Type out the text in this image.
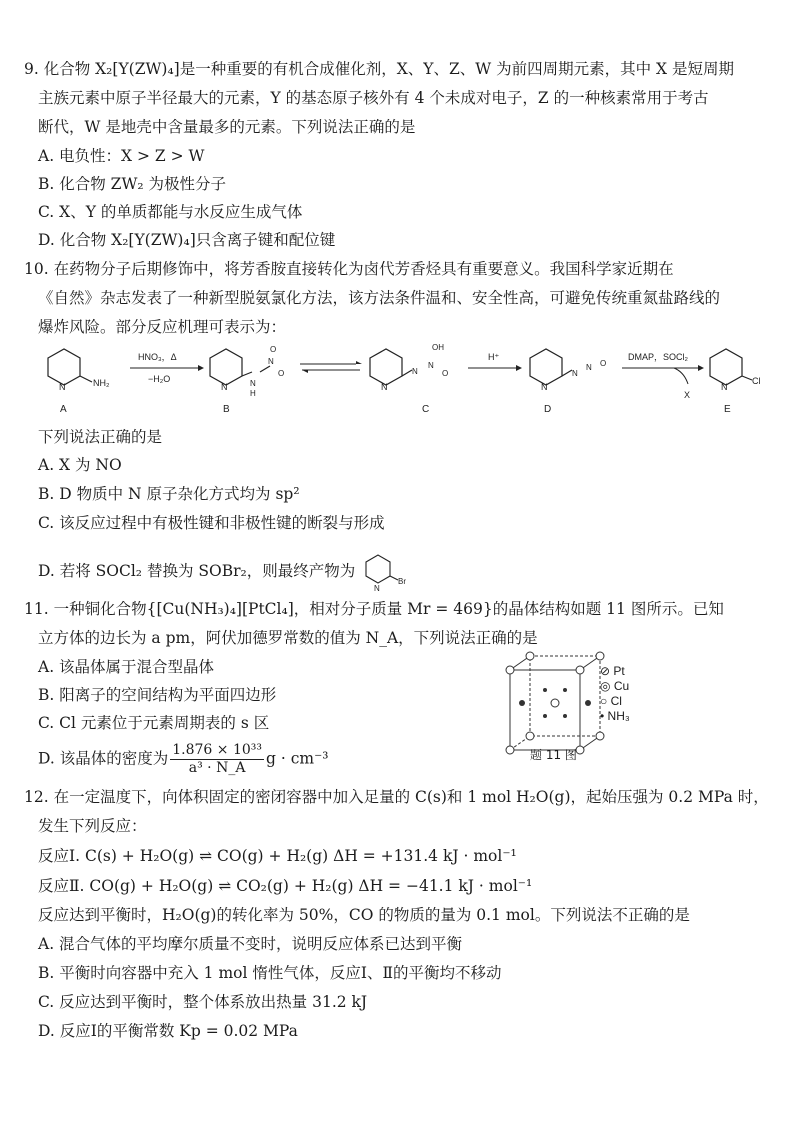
9. 化合物 X₂[Y(ZW)₄]是一种重要的有机合成催化剂，X、Y、Z、W 为前四周期元素，其中 X 是短周期
主族元素中原子半径最大的元素，Y 的基态原子核外有 4 个未成对电子，Z 的一种核素常用于考古
断代，W 是地壳中含量最多的元素。下列说法正确的是
A. 电负性：X > Z > W
B. 化合物 ZW₂ 为极性分子
C. X、Y 的单质都能与水反应生成气体
D. 化合物 X₂[Y(ZW)₄]只含离子键和配位键
10. 在药物分子后期修饰中，将芳香胺直接转化为卤代芳香烃具有重要意义。我国科学家近期在
《自然》杂志发表了一种新型脱氨氯化方法，该方法条件温和、安全性高，可避免传统重氮盐路线的
爆炸风险。部分反应机理可表示为：
N	NH₂
A
HNO₃，Δ
−H₂O
N	N
H
N
O
O
B
N
N
N
OH
O
C
H⁺
N
N
N O
D
DMAP，SOCl₂
X
N
Cl
E
下列说法正确的是
A. X 为 NO
B. D 物质中 N 原子杂化方式均为 sp²
C. 该反应过程中有极性键和非极性键的断裂与形成
D. 若将 SOCl₂ 替换为 SOBr₂，则最终产物为
N
Br
11. 一种铜化合物{[Cu(NH₃)₄][PtCl₄]，相对分子质量 Mr = 469}的晶体结构如题 11 图所示。已知
立方体的边长为 a pm，阿伏加德罗常数的值为 N_A，下列说法正确的是
A. 该晶体属于混合型晶体
B. 阳离子的空间结构为平面四边形
C. Cl 元素位于元素周期表的 s 区
D. 该晶体的密度为 $\frac{\text{1.876 × 10³³}}{\text{a³ · N\_A}}$ g · cm⁻³
⊘ Pt
◎ Cu
○ Cl
• NH₃
题 11 图
12. 在一定温度下，向体积固定的密闭容器中加入足量的 C(s)和 1 mol H₂O(g)，起始压强为 0.2 MPa 时，
发生下列反应：
反应Ⅰ. C(s) + H₂O(g) ⇌ CO(g) + H₂(g) ΔH = +131.4 kJ · mol⁻¹
反应Ⅱ. CO(g) + H₂O(g) ⇌ CO₂(g) + H₂(g) ΔH = −41.1 kJ · mol⁻¹
反应达到平衡时，H₂O(g)的转化率为 50%，CO 的物质的量为 0.1 mol。下列说法不正确的是
A. 混合气体的平均摩尔质量不变时，说明反应体系已达到平衡
B. 平衡时向容器中充入 1 mol 惰性气体，反应Ⅰ、Ⅱ的平衡均不移动
C. 反应达到平衡时，整个体系放出热量 31.2 kJ
D. 反应Ⅰ的平衡常数 Kp = 0.02 MPa
